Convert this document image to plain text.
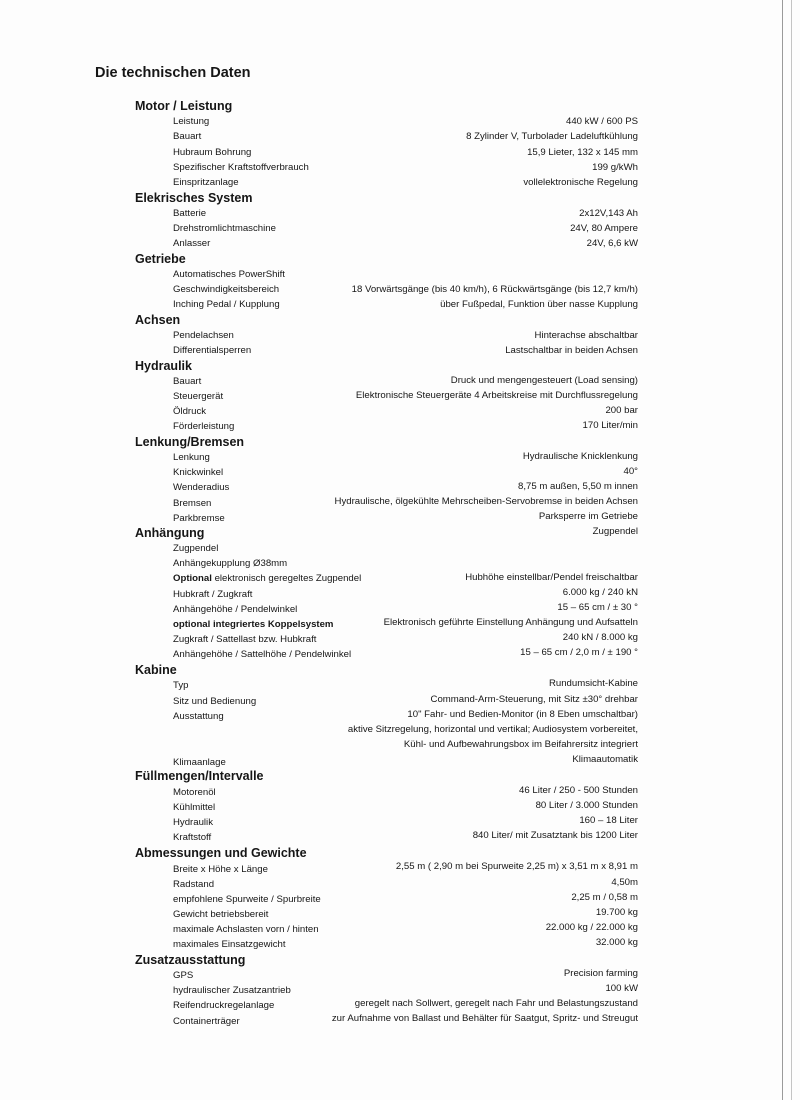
Die technischen Daten
Motor / Leistung
Leistung	440 kW / 600 PS
Bauart	8 Zylinder V, Turbolader Ladeluftkühlung
Hubraum Bohrung	15,9 Lieter, 132 x 145 mm
Spezifischer Kraftstoffverbrauch	199 g/kWh
Einspritzanlage	vollelektronische Regelung
Elekrisches System
Batterie	2x12V,143 Ah
Drehstromlichtmaschine	24V, 80 Ampere
Anlasser	24V, 6,6 kW
Getriebe
Automatisches PowerShift
Geschwindigkeitsbereich	18 Vorwärtsgänge (bis 40 km/h), 6 Rückwärtsgänge (bis 12,7 km/h)
Inching Pedal / Kupplung	über Fußpedal, Funktion über nasse Kupplung
Achsen
Pendelachsen	Hinterachse abschaltbar
Differentialsperren	Lastschaltbar in beiden Achsen
Hydraulik
Bauart	Druck und mengengesteuert (Load sensing)
Steuergerät	Elektronische Steuergeräte 4 Arbeitskreise mit Durchflussregelung
Öldruck	200 bar
Förderleistung	170 Liter/min
Lenkung/Bremsen
Lenkung	Hydraulische Knicklenkung
Knickwinkel	40°
Wenderadius	8,75 m außen, 5,50 m innen
Bremsen	Hydraulische, ölgekühlte Mehrscheiben-Servobremse in beiden Achsen
Parkbremse	Parksperre im Getriebe
Anhängung	Zugpendel
Zugpendel
Anhängekupplung Ø38mm
Optional elektronisch geregeltes Zugpendel	Hubhöhe einstellbar/Pendel freischaltbar
Hubkraft / Zugkraft	6.000 kg / 240 kN
Anhängehöhe / Pendelwinkel	15 – 65 cm / ± 30 °
optional integriertes Koppelsystem	Elektronisch geführte Einstellung Anhängung und Aufsatteln
Zugkraft / Sattellast bzw. Hubkraft	240 kN / 8.000 kg
Anhängehöhe / Sattelhöhe / Pendelwinkel	15 – 65 cm / 2,0 m / ± 190 °
Kabine
Typ	Rundumsicht-Kabine
Sitz und Bedienung	Command-Arm-Steuerung, mit Sitz ±30° drehbar
Ausstattung	10" Fahr- und Bedien-Monitor (in 8 Eben umschaltbar)
aktive Sitzregelung, horizontal und vertikal; Audiosystem vorbereitet,
Kühl- und Aufbewahrungsbox im Beifahrersitz integriert
Klimaanlage	Klimaautomatik
Füllmengen/Intervalle
Motorenöl	46 Liter / 250 - 500 Stunden
Kühlmittel	80 Liter / 3.000 Stunden
Hydraulik	160 – 18 Liter
Kraftstoff	840 Liter/ mit Zusatztank bis 1200 Liter
Abmessungen und Gewichte
Breite x Höhe x Länge	2,55 m ( 2,90 m bei Spurweite 2,25 m) x 3,51 m x 8,91 m
Radstand	4,50m
empfohlene Spurweite / Spurbreite	2,25 m / 0,58 m
Gewicht betriebsbereit	19.700 kg
maximale Achslasten vorn / hinten	22.000 kg / 22.000 kg
maximales Einsatzgewicht	32.000 kg
Zusatzausstattung
GPS	Precision farming
hydraulischer Zusatzantrieb	100 kW
Reifendruckregelanlage	geregelt nach Sollwert, geregelt nach Fahr und Belastungszustand
Containerträger	zur Aufnahme von Ballast und Behälter für Saatgut, Spritz- und Streugut
